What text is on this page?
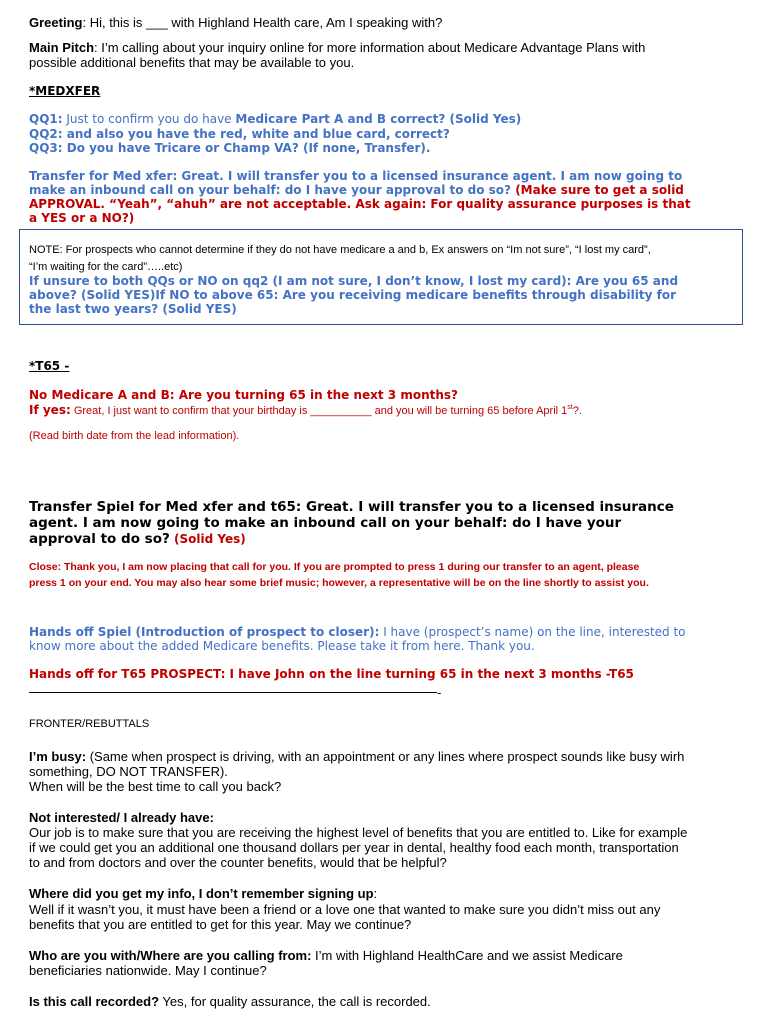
Greeting: Hi, this is ___ with Highland Health care, Am I speaking with?

Main Pitch: I’m calling about your inquiry online for more information about Medicare Advantage Plans with

possible additional benefits that may be available to you.

*MEDXFER

QQ1: Just to confirm you do have Medicare Part A and B correct? (Solid Yes)

QQ2: and also you have the red, white and blue card, correct?

QQ3: Do you have Tricare or Champ VA? (If none, Transfer).

Transfer for Med xfer: Great. I will transfer you to a licensed insurance agent. I am now going to

make an inbound call on your behalf: do I have your approval to do so? (Make sure to get a solid

APPROVAL. “Yeah”, “ahuh” are not acceptable. Ask again: For quality assurance purposes is that

a YES or a NO?)

NOTE: For prospects who cannot determine if they do not have medicare a and b, Ex answers on “Im not sure”, “I lost my card”,

“I’m waiting for the card”…..etc)

If unsure to both QQs or NO on qq2 (I am not sure, I don’t know, I lost my card): Are you 65 and

above? (Solid YES)If NO to above 65: Are you receiving medicare benefits through disability for

the last two years? (Solid YES)

*T65 -

No Medicare A and B: Are you turning 65 in the next 3 months?

If yes: Great, I just want to confirm that your birthday is __________ and you will be turning 65 before April 1st?.

(Read birth date from the lead information).

Transfer Spiel for Med xfer and t65: Great. I will transfer you to a licensed insurance

agent. I am now going to make an inbound call on your behalf: do I have your

approval to do so? (Solid Yes)

Close: Thank you, I am now placing that call for you. If you are prompted to press 1 during our transfer to an agent, please

press 1 on your end. You may also hear some brief music; however, a representative will be on the line shortly to assist you.

Hands off Spiel (Introduction of prospect to closer): I have (prospect’s name) on the line, interested to

know more about the added Medicare benefits. Please take it from here. Thank you.

Hands off for T65 PROSPECT: I have John on the line turning 65 in the next 3 months -T65

-

FRONTER/REBUTTALS

I’m busy: (Same when prospect is driving, with an appointment or any lines where prospect sounds like busy wirh

something, DO NOT TRANSFER).

When will be the best time to call you back?

Not interested/ I already have:

Our job is to make sure that you are receiving the highest level of benefits that you are entitled to. Like for example

if we could get you an additional one thousand dollars per year in dental, healthy food each month, transportation

to and from doctors and over the counter benefits, would that be helpful?

Where did you get my info, I don’t remember signing up:

Well if it wasn’t you, it must have been a friend or a love one that wanted to make sure you didn’t miss out any

benefits that you are entitled to get for this year. May we continue?

Who are you with/Where are you calling from: I’m with Highland HealthCare and we assist Medicare

beneficiaries nationwide. May I continue?

Is this call recorded? Yes, for quality assurance, the call is recorded.
